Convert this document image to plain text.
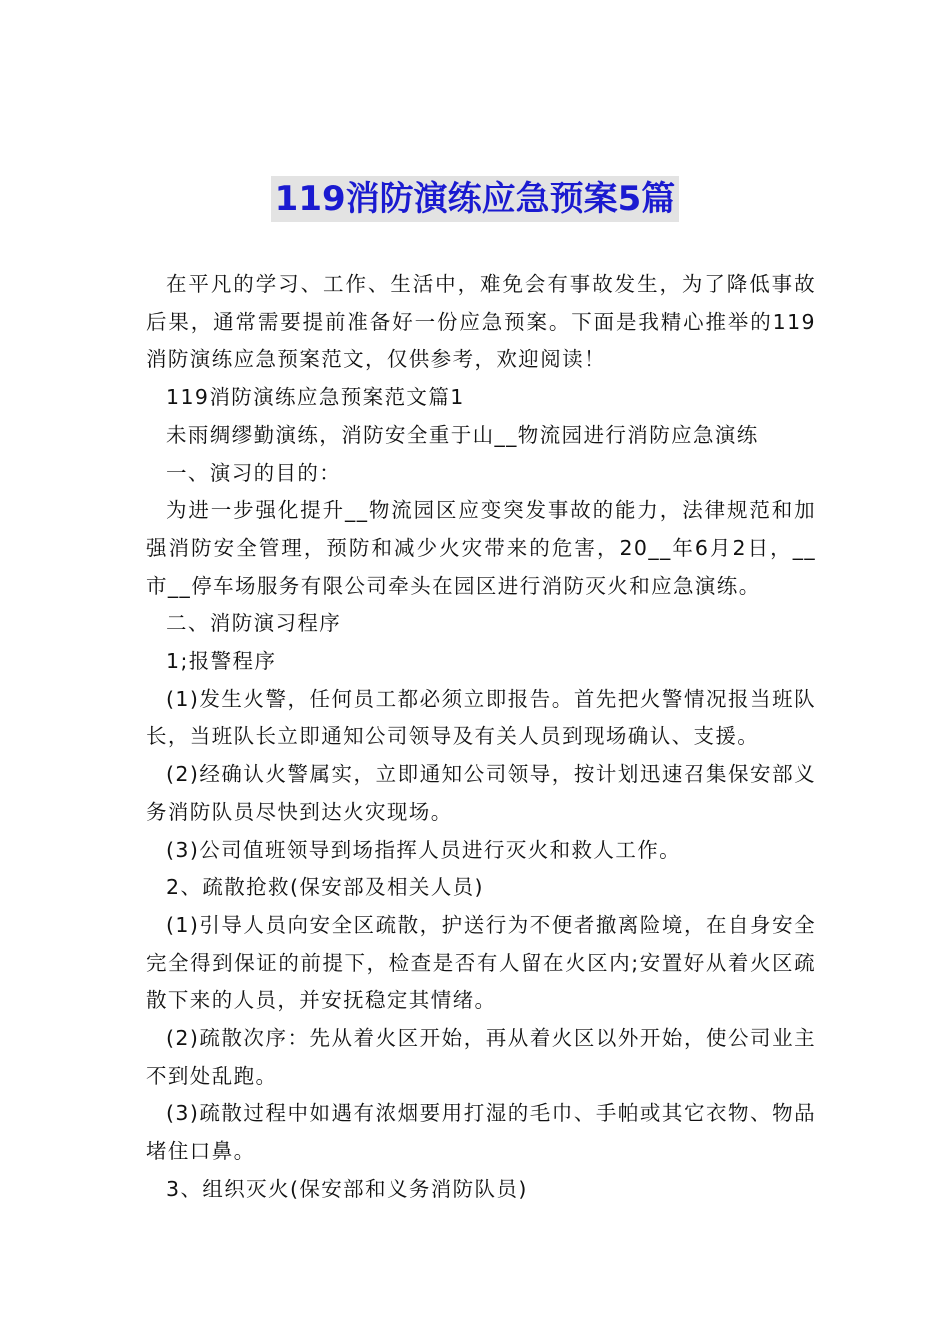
119消防演练应急预案5篇

在平凡的学习、工作、生活中，难免会有事故发生，为了降低事故后果，通常需要提前准备好一份应急预案。下面是我精心推举的119消防演练应急预案范文，仅供参考，欢迎阅读！

119消防演练应急预案范文篇1

未雨绸缪勤演练，消防安全重于山__物流园进行消防应急演练

一、演习的目的：

为进一步强化提升__物流园区应变突发事故的能力，法律规范和加强消防安全管理，预防和减少火灾带来的危害，20__年6月2日，__市__停车场服务有限公司牵头在园区进行消防灭火和应急演练。

二、消防演习程序

1;报警程序

(1)发生火警，任何员工都必须立即报告。首先把火警情况报当班队长，当班队长立即通知公司领导及有关人员到现场确认、支援。

(2)经确认火警属实，立即通知公司领导，按计划迅速召集保安部义务消防队员尽快到达火灾现场。

(3)公司值班领导到场指挥人员进行灭火和救人工作。

2、疏散抢救(保安部及相关人员)

(1)引导人员向安全区疏散，护送行为不便者撤离险境，在自身安全完全得到保证的前提下，检查是否有人留在火区内;安置好从着火区疏散下来的人员，并安抚稳定其情绪。

(2)疏散次序：先从着火区开始，再从着火区以外开始，使公司业主不到处乱跑。

(3)疏散过程中如遇有浓烟要用打湿的毛巾、手帕或其它衣物、物品堵住口鼻。

3、组织灭火(保安部和义务消防队员)
